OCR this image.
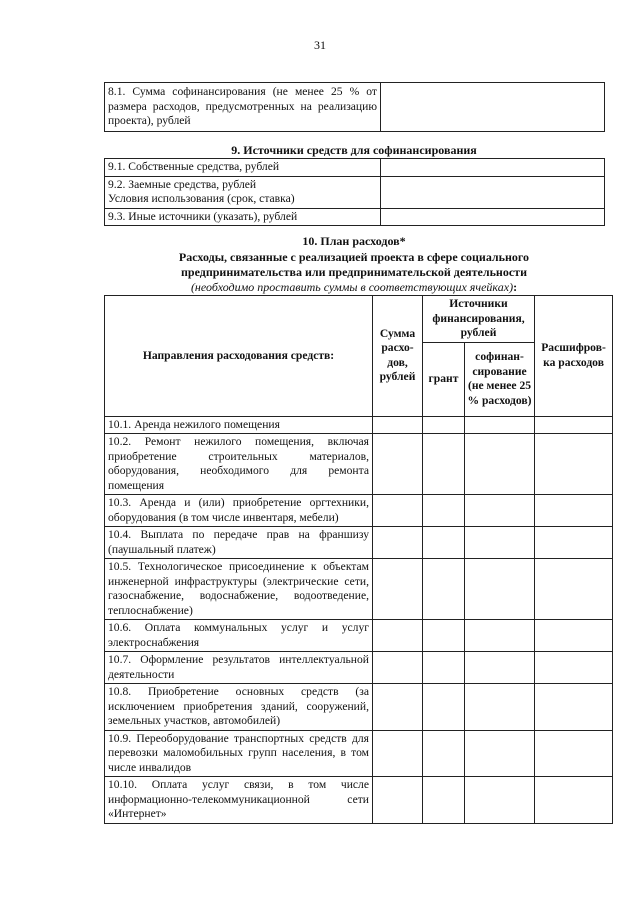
31
8.1. Сумма софинансирования (не менее 25 % от размера расходов, предусмотренных на реализацию проекта), рублей	
9. Источники средств для софинансирования
9.1. Собственные средства, рублей	

9.2. Заемные средства, рублей
Условия использования (срок, ставка)	

9.3. Иные источники (указать), рублей	
10. План расходов*
Расходы, связанные с реализацией проекта в сфере социального предпринимательства или предпринимательской деятельности
(необходимо проставить суммы в соответствующих ячейках):
Направления расходования средств:	Сумма расхо-дов, рублей	Источники финансирования, рублей		Расшифров-ка расходов
		грант	софинан-сирование (не менее 25 % расходов)	
10.1. Аренда нежилого помещения				
10.2. Ремонт нежилого помещения, включая приобретение строительных материалов, оборудования, необходимого для ремонта помещения				
10.3. Аренда и (или) приобретение оргтехники, оборудования (в том числе инвентаря, мебели)				
10.4. Выплата по передаче прав на франшизу (паушальный платеж)				
10.5. Технологическое присоединение к объектам инженерной инфраструктуры (электрические сети, газоснабжение, водоснабжение, водоотведение, теплоснабжение)				
10.6. Оплата коммунальных услуг и услуг электроснабжения				
10.7. Оформление результатов интеллектуальной деятельности				
10.8. Приобретение основных средств (за исключением приобретения зданий, сооружений, земельных участков, автомобилей)				
10.9. Переоборудование транспортных средств для перевозки маломобильных групп населения, в том числе инвалидов				
10.10. Оплата услуг связи, в том числе информационно-телекоммуникационной сети «Интернет»				
